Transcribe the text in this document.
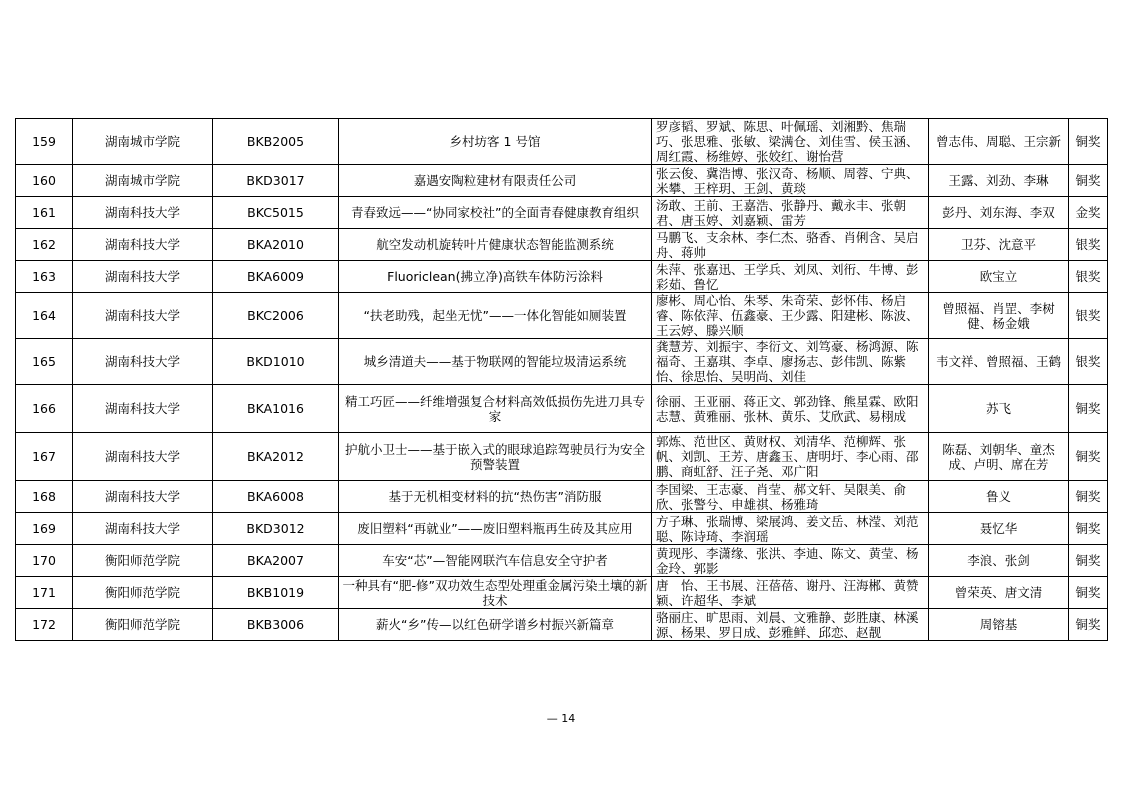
159	湖南城市学院	BKB2005	乡村坊客 1 号馆	罗彦韬、罗斌、陈思、叶佩瑶、刘湘黔、焦瑞巧、张思雅、张敏、梁满仓、刘佳雪、侯玉涵、周红霞、杨维婷、张姣红、谢怡营	曾志伟、周聪、王宗新	铜奖
160	湖南城市学院	BKD3017	嘉遇安陶粒建材有限责任公司	张云俊、冀浩博、张汉奇、杨顺、周蓉、宁典、米攀、王梓玥、王剑、黄琰	王露、刘劲、李琳	铜奖
161	湖南科技大学	BKC5015	青春致远——“协同家校社”的全面青春健康教育组织	汤敢、王前、王嘉浩、张静丹、戴永丰、张朝君、唐玉婷、刘嘉颖、雷芳	彭丹、刘东海、李双	金奖
162	湖南科技大学	BKA2010	航空发动机旋转叶片健康状态智能监测系统	马鹏飞、支余林、李仁杰、骆香、肖俐含、吴启舟、蒋帅	卫芬、沈意平	银奖
163	湖南科技大学	BKA6009	Fluoriclean(拂立净)高铁车体防污涂料	朱萍、张嘉迅、王学兵、刘凤、刘衎、牛博、彭彩茹、鲁忆	欧宝立	银奖
164	湖南科技大学	BKC2006	“扶老助残，起坐无忧”——一体化智能如厕装置	廖彬、周心怡、朱琴、朱奇荣、彭怀伟、杨启睿、陈依萍、伍鑫豪、王少露、阳建彬、陈波、王云婷、滕兴顺	曾照福、肖罡、李树健、杨金娥	银奖
165	湖南科技大学	BKD1010	城乡清道夫——基于物联网的智能垃圾清运系统	龚慧芳、刘振宇、李衍文、刘笃豪、杨鸿源、陈福奇、王嘉琪、李卓、廖扬志、彭伟凯、陈紫怡、徐思怡、吴明尚、刘佳	韦文祥、曾照福、王鹤	银奖
166	湖南科技大学	BKA1016	精工巧匠——纤维增强复合材料高效低损伤先进刀具专家	徐丽、王亚丽、蒋正文、郭劲锋、熊星霖、欧阳志慧、黄雅丽、张林、黄乐、艾欣武、易栩成	苏飞	铜奖
167	湖南科技大学	BKA2012	护航小卫士——基于嵌入式的眼球追踪驾驶员行为安全预警装置	郭炼、范世区、黄财权、刘清华、范柳辉、张帆、刘凯、王芳、唐鑫玉、唐明圩、李心雨、邵鹏、商虹舒、汪子尧、邓广阳	陈磊、刘朝华、童杰成、卢明、席在芳	铜奖
168	湖南科技大学	BKA6008	基于无机相变材料的抗“热伤害”消防服	李国梁、王志豪、肖莹、郝文轩、吴限美、俞欣、张警兮、申雄祺、杨雅琦	鲁义	铜奖
169	湖南科技大学	BKD3012	废旧塑料“再就业”——废旧塑料瓶再生砖及其应用	方子琳、张瑞博、梁展鸿、姜文岳、林滢、刘范聪、陈诗琦、李润瑶	聂忆华	铜奖
170	衡阳师范学院	BKA2007	车安“芯”—智能网联汽车信息安全守护者	黄现彤、李潇缘、张洪、李迪、陈文、黄莹、杨金玲、郭影	李浪、张剑	铜奖
171	衡阳师范学院	BKB1019	一种具有“肥-修”双功效生态型处理重金属污染土壤的新技术	唐　怡、王书展、汪蓓蓓、谢丹、汪海郴、黄赞颖、许超华、李斌	曾荣英、唐文清	铜奖
172	衡阳师范学院	BKB3006	薪火“乡”传—以红色研学谱乡村振兴新篇章	骆丽庄、旷思雨、刘晨、文雅静、彭胜康、林溪源、杨果、罗日成、彭雅鲜、邱恋、赵靓	周镕基	铜奖
— 14
